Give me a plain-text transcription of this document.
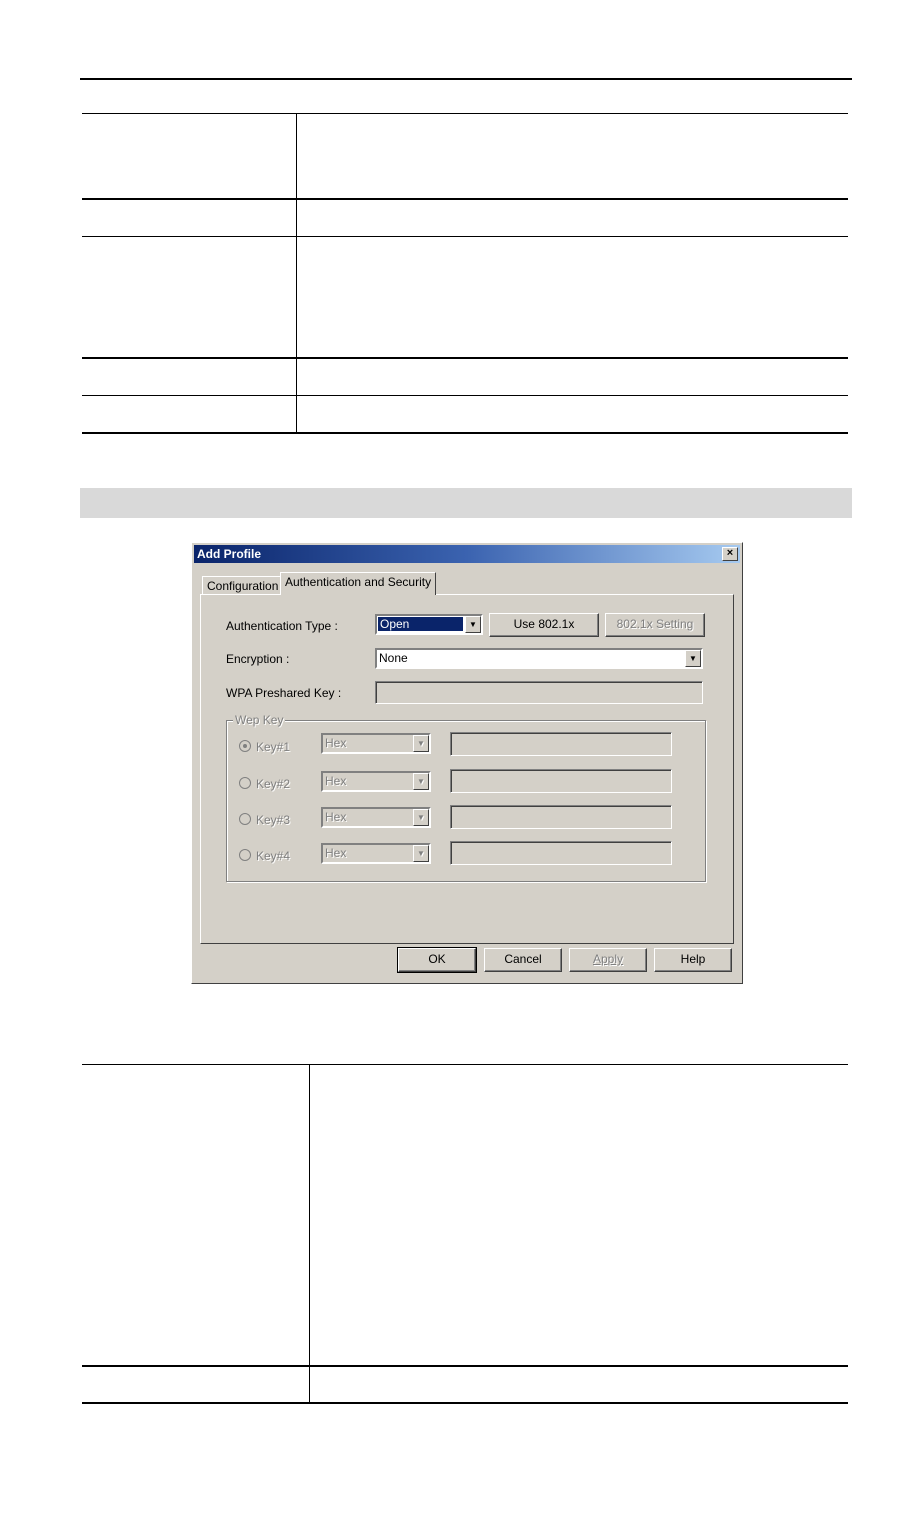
Add Profile	×
Configuration Authentication and Security
Authentication Type :	Open	▼	Use 802.1x	802.1x Setting
Encryption :	None	▼
WPA Preshared Key :
Wep Key
Key#1	Hex	▼
Key#2	Hex	▼
Key#3	Hex	▼
Key#4	Hex	▼
OK	Cancel	Apply	Help
